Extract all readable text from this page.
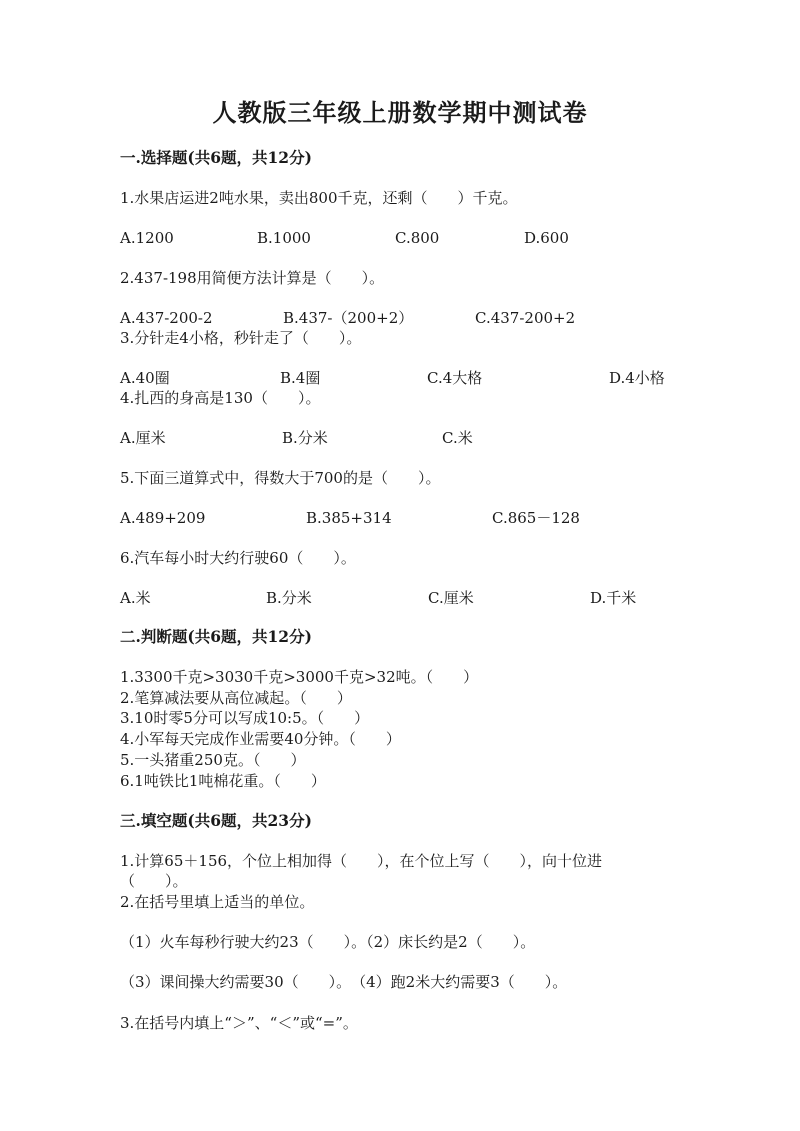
人教版三年级上册数学期中测试卷
一.选择题(共6题，共12分)
1.水果店运进2吨水果，卖出800千克，还剩（　　）千克。
A.1200	B.1000	C.800	D.600
2.437-198用简便方法计算是（　　）。
A.437-200-2	B.437-（200+2）	C.437-200+2
3.分针走4小格，秒针走了（　　）。
A.40圈	B.4圈	C.4大格	D.4小格
4.扎西的身高是130（　　）。
A.厘米	B.分米	C.米
5.下面三道算式中，得数大于700的是（　　）。
A.489+209	B.385+314	C.865－128
6.汽车每小时大约行驶60（　　）。
A.米	B.分米	C.厘米	D.千米
二.判断题(共6题，共12分)
1.3300千克>3030千克>3000千克>32吨。（　　）
2.笔算减法要从高位减起。（　　）
3.10时零5分可以写成10:5。（　　）
4.小军每天完成作业需要40分钟。（　　）
5.一头猪重250克。（　　）
6.1吨铁比1吨棉花重。（　　）
三.填空题(共6题，共23分)
1.计算65＋156，个位上相加得（　　），在个位上写（　　），向十位进
（　　）。
2.在括号里填上适当的单位。
（1）火车每秒行驶大约23（　　）。（2）床长约是2（　　）。
（3）课间操大约需要30（　　）。　（4）跑2米大约需要3（　　）。
3.在括号内填上“＞”、“＜”或“=”。
